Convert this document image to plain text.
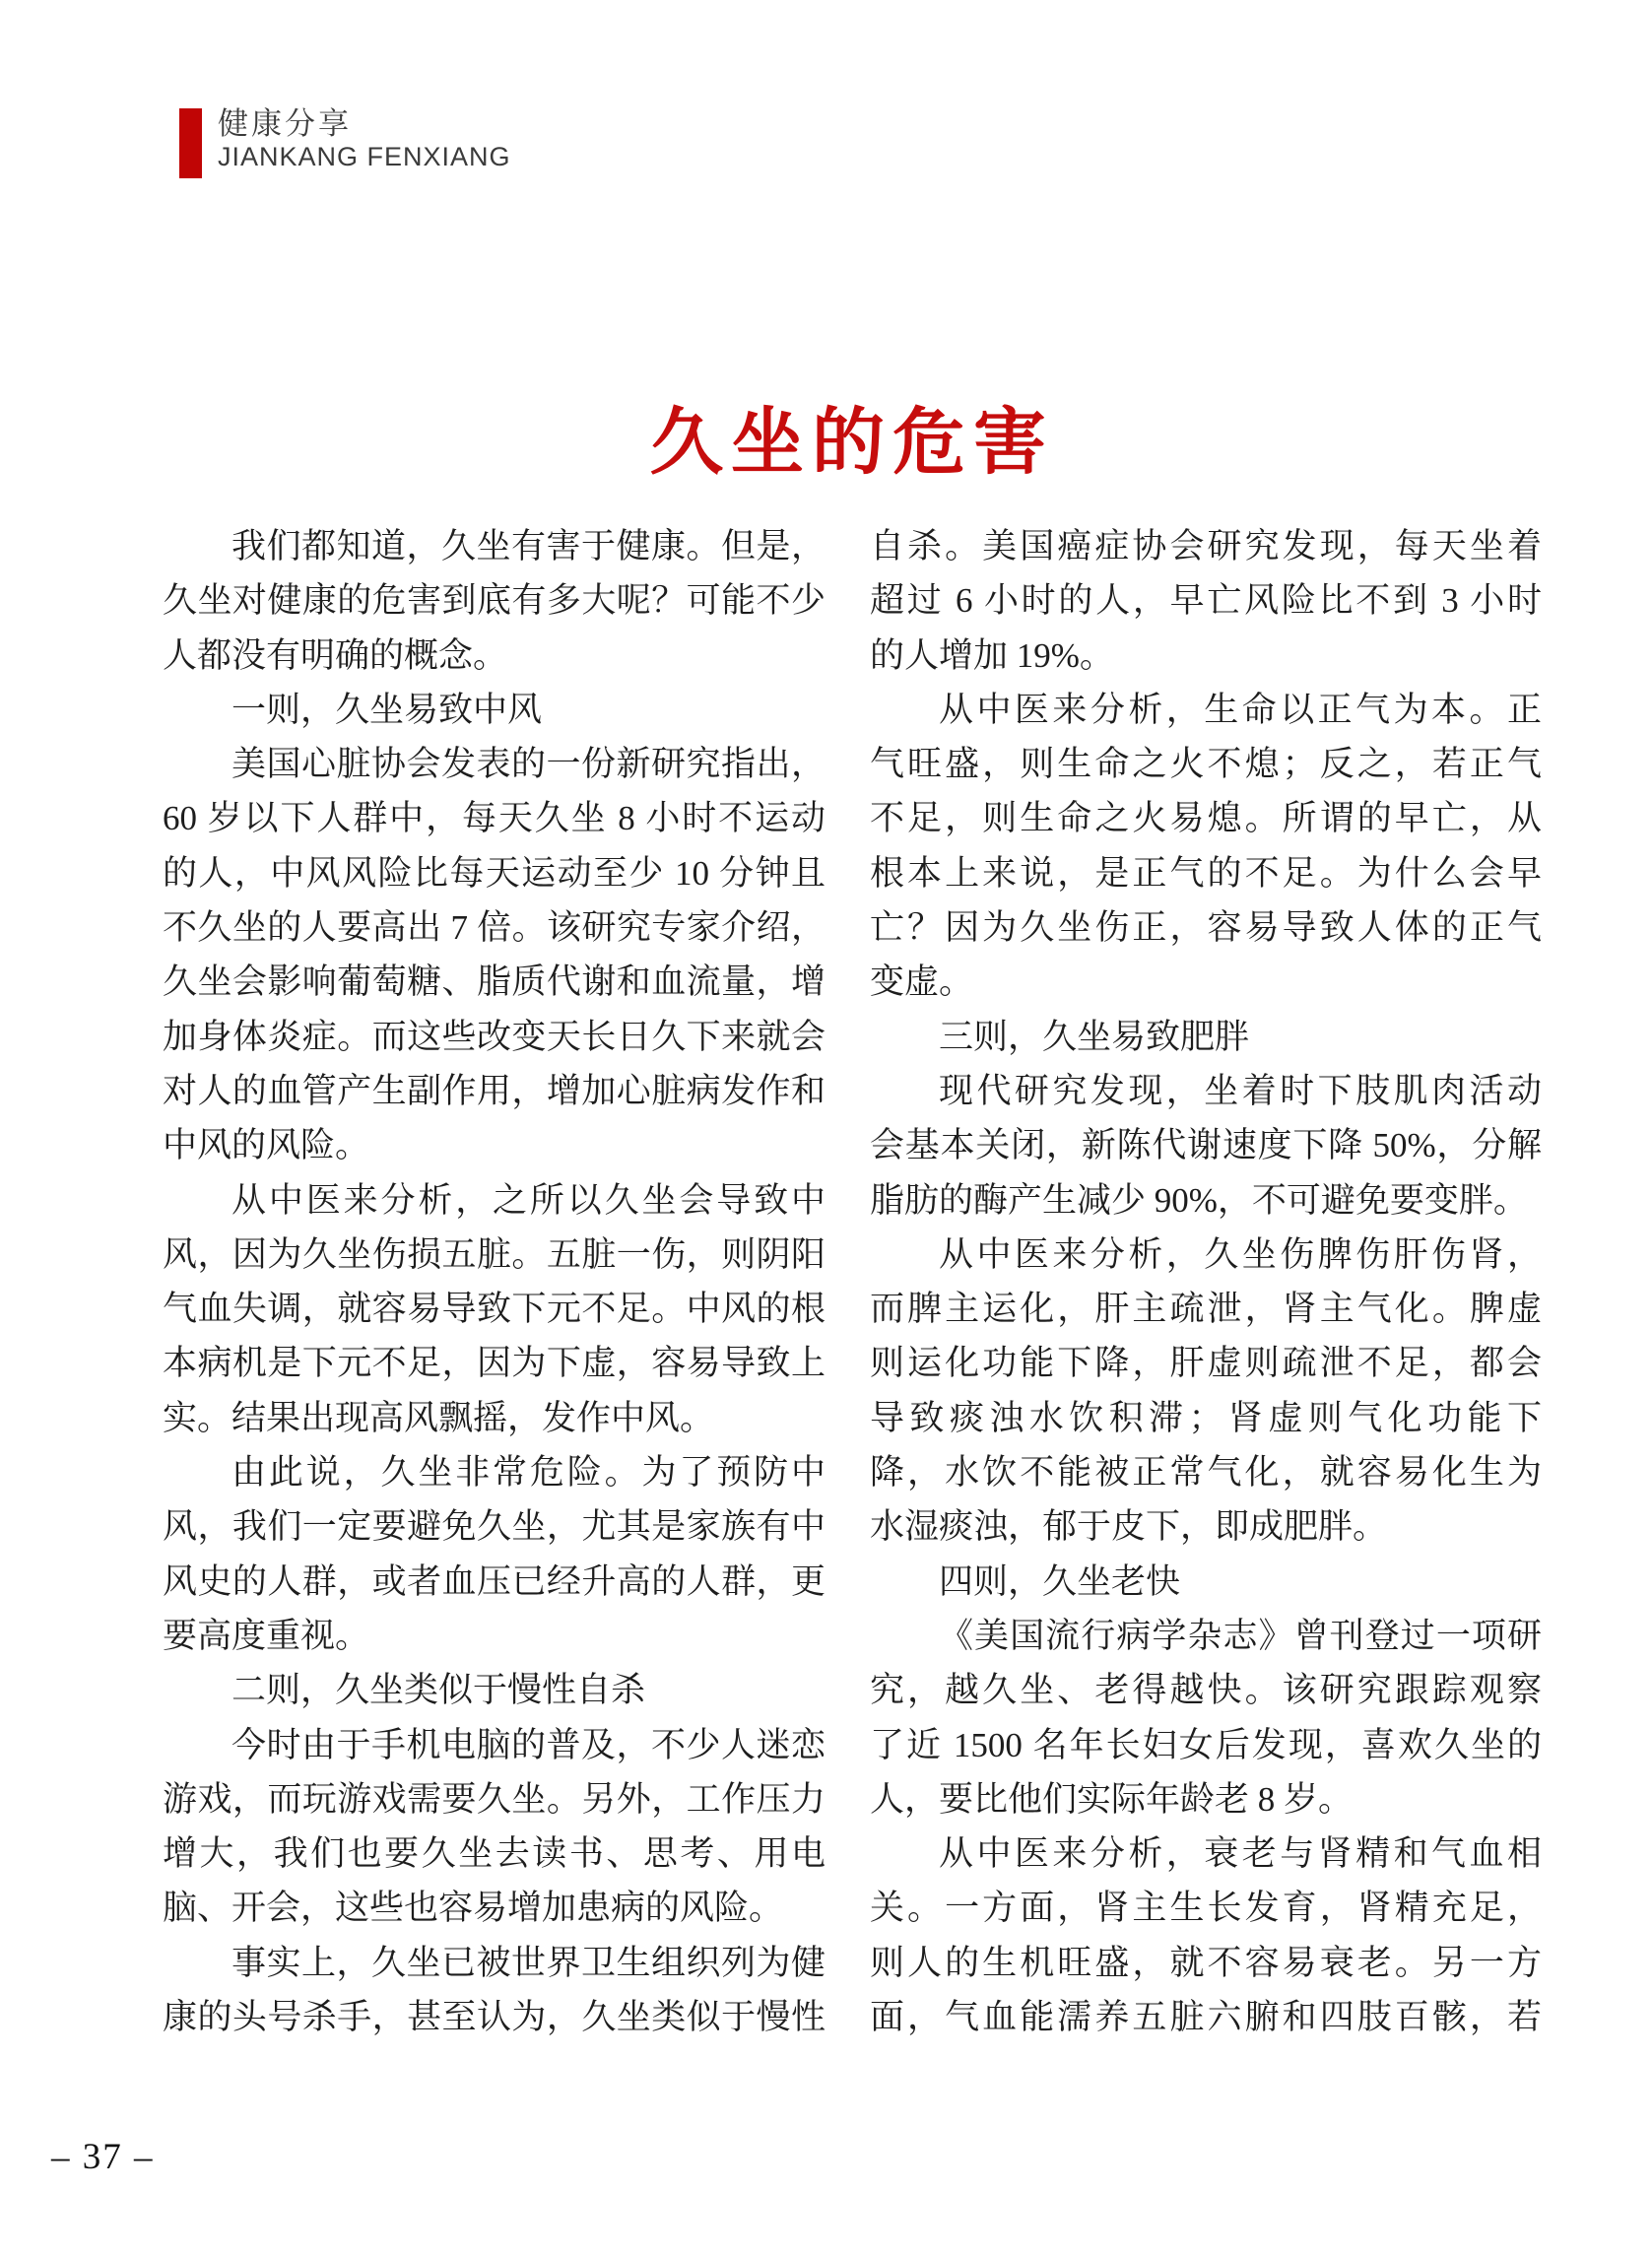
健康分享
JIANKANG FENXIANG
久坐的危害
我们都知道，久坐有害于健康。但是，
久坐对健康的危害到底有多大呢？可能不少
人都没有明确的概念。
一则，久坐易致中风
美国心脏协会发表的一份新研究指出，
60 岁以下人群中，每天久坐 8 小时不运动
的人，中风风险比每天运动至少 10 分钟且
不久坐的人要高出 7 倍。该研究专家介绍，
久坐会影响葡萄糖、脂质代谢和血流量，增
加身体炎症。而这些改变天长日久下来就会
对人的血管产生副作用，增加心脏病发作和
中风的风险。
从中医来分析，之所以久坐会导致中
风，因为久坐伤损五脏。五脏一伤，则阴阳
气血失调，就容易导致下元不足。中风的根
本病机是下元不足，因为下虚，容易导致上
实。结果出现高风飘摇，发作中风。
由此说，久坐非常危险。为了预防中
风，我们一定要避免久坐，尤其是家族有中
风史的人群，或者血压已经升高的人群，更
要高度重视。
二则，久坐类似于慢性自杀
今时由于手机电脑的普及，不少人迷恋
游戏，而玩游戏需要久坐。另外，工作压力
增大，我们也要久坐去读书、思考、用电
脑、开会，这些也容易增加患病的风险。
事实上，久坐已被世界卫生组织列为健
康的头号杀手，甚至认为，久坐类似于慢性
自杀。美国癌症协会研究发现，每天坐着
超过 6 小时的人，早亡风险比不到 3 小时
的人增加 19%。
从中医来分析，生命以正气为本。正
气旺盛，则生命之火不熄；反之，若正气
不足，则生命之火易熄。所谓的早亡，从
根本上来说，是正气的不足。为什么会早
亡？因为久坐伤正，容易导致人体的正气
变虚。
三则，久坐易致肥胖
现代研究发现，坐着时下肢肌肉活动
会基本关闭，新陈代谢速度下降 50%，分解
脂肪的酶产生减少 90%，不可避免要变胖。
从中医来分析，久坐伤脾伤肝伤肾，
而脾主运化，肝主疏泄，肾主气化。脾虚
则运化功能下降，肝虚则疏泄不足，都会
导致痰浊水饮积滞；肾虚则气化功能下
降，水饮不能被正常气化，就容易化生为
水湿痰浊，郁于皮下，即成肥胖。
四则，久坐老快
《美国流行病学杂志》曾刊登过一项研
究，越久坐、老得越快。该研究跟踪观察
了近 1500 名年长妇女后发现，喜欢久坐的
人，要比他们实际年龄老 8 岁。
从中医来分析，衰老与肾精和气血相
关。一方面，肾主生长发育，肾精充足，
则人的生机旺盛，就不容易衰老。另一方
面，气血能濡养五脏六腑和四肢百骸，若
– 37 –
